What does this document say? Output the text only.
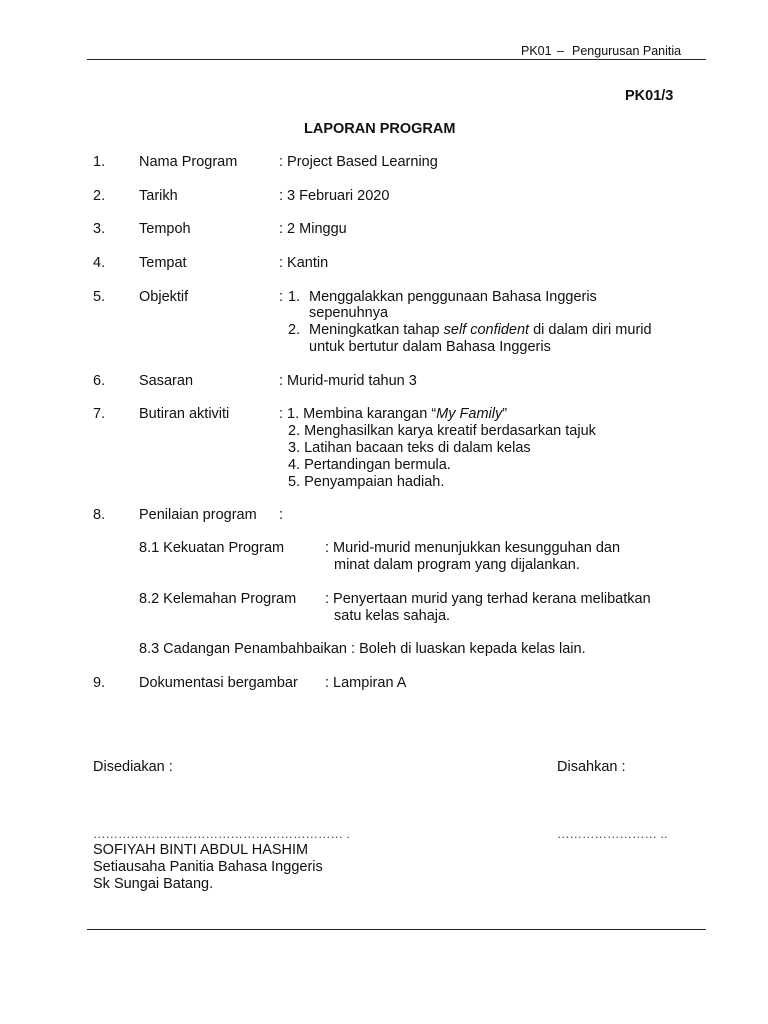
PK01 – Pengurusan Panitia
PK01/3
LAPORAN PROGRAM
1. Nama Program	: Project Based Learning
2. Tarikh	: 3 Februari 2020
3. Tempoh	: 2 Minggu
4. Tempat	: Kantin
5. Objektif	: 1. Menggalakkan penggunaan Bahasa Inggeris
sepenuhnya
2. Meningkatkan tahap self confident di dalam diri murid
untuk bertutur dalam Bahasa Inggeris
6. Sasaran	: Murid-murid tahun 3
7. Butiran aktiviti	: 1. Membina karangan “My Family”
2. Menghasilkan karya kreatif berdasarkan tajuk
3. Latihan bacaan teks di dalam kelas
4. Pertandingan bermula.
5. Penyampaian hadiah.
8. Penilaian program :
8.1 Kekuatan Program	: Murid-murid menunjukkan kesungguhan dan
minat dalam program yang dijalankan.
8.2 Kelemahan Program : Penyertaan murid yang terhad kerana melibatkan
satu kelas sahaja.
8.3 Cadangan Penambahbaikan : Boleh di luaskan kepada kelas lain.
9. Dokumentasi bergambar : Lampiran A
Disediakan :	Disahkan :
…………………………………………………… .	…………………… ..
SOFIYAH BINTI ABDUL HASHIM
Setiausaha Panitia Bahasa Inggeris
Sk Sungai Batang.
